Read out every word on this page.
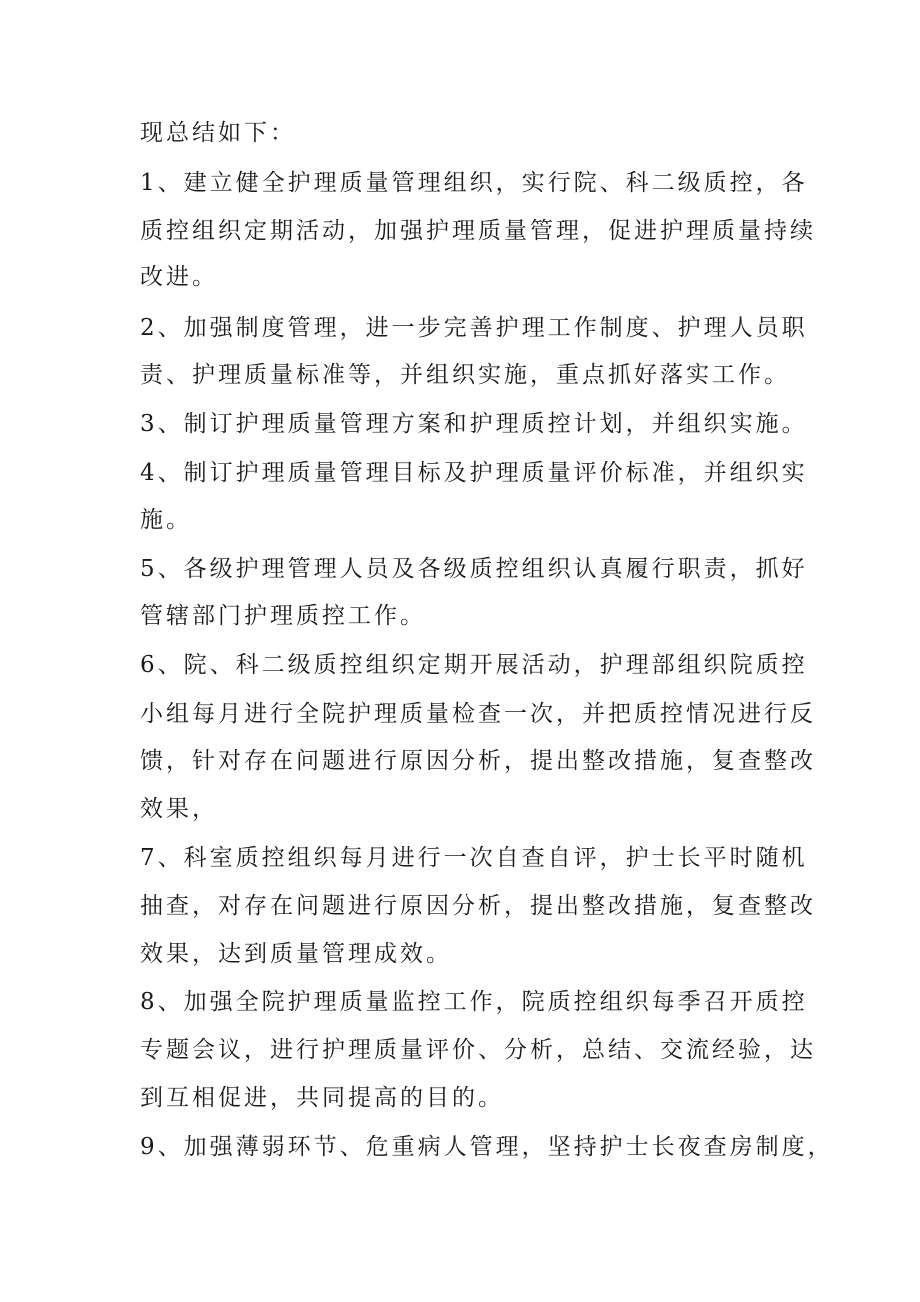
现总结如下：
1、建立健全护理质量管理组织，实行院、科二级质控，各
质控组织定期活动，加强护理质量管理，促进护理质量持续
改进。
2、加强制度管理，进一步完善护理工作制度、护理人员职
责、护理质量标准等，并组织实施，重点抓好落实工作。
3、制订护理质量管理方案和护理质控计划，并组织实施。
4、制订护理质量管理目标及护理质量评价标准，并组织实
施。
5、各级护理管理人员及各级质控组织认真履行职责，抓好
管辖部门护理质控工作。
6、院、科二级质控组织定期开展活动，护理部组织院质控
小组每月进行全院护理质量检查一次，并把质控情况进行反
馈，针对存在问题进行原因分析，提出整改措施，复查整改
效果，
7、科室质控组织每月进行一次自查自评，护士长平时随机
抽查，对存在问题进行原因分析，提出整改措施，复查整改
效果，达到质量管理成效。
8、加强全院护理质量监控工作，院质控组织每季召开质控
专题会议，进行护理质量评价、分析，总结、交流经验，达
到互相促进，共同提高的目的。
9、加强薄弱环节、危重病人管理，坚持护士长夜查房制度，
